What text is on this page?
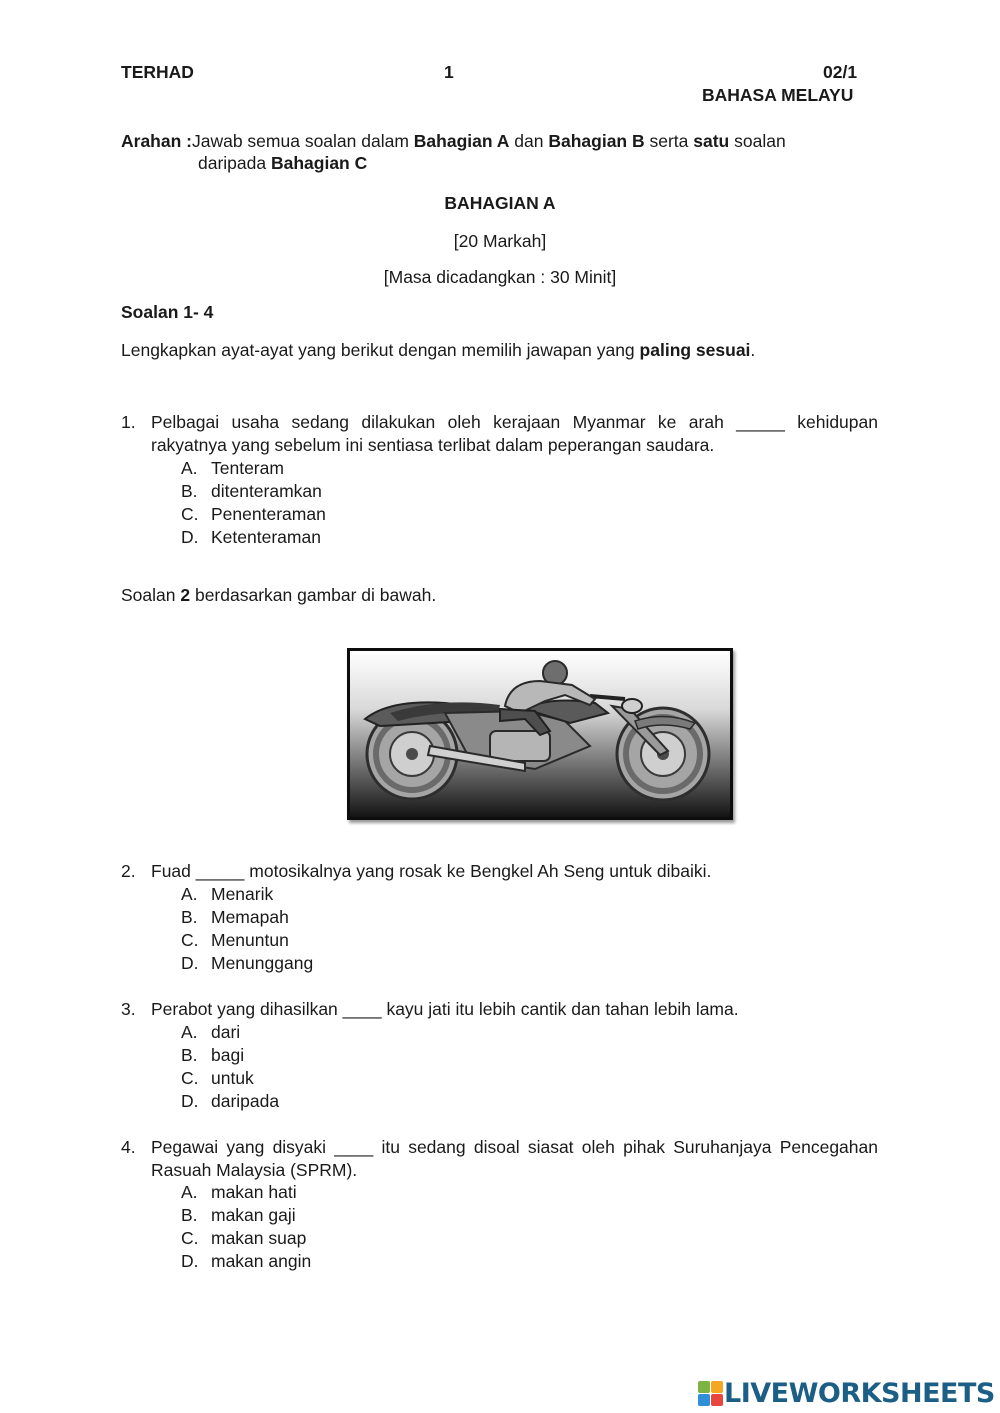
TERHAD	1	02/1
BAHASA MELAYU
Arahan :Jawab semua soalan dalam Bahagian A dan Bahagian B serta satu soalan
daripada Bahagian C
BAHAGIAN A
[20 Markah]
[Masa dicadangkan : 30 Minit]
Soalan 1- 4
Lengkapkan ayat-ayat yang berikut dengan memilih jawapan yang paling sesuai.
1. Pelbagai usaha sedang dilakukan oleh kerajaan Myanmar ke arah _____ kehidupan rakyatnya yang sebelum ini sentiasa terlibat dalam peperangan saudara.
A. Tenteram
B. ditenteramkan
C. Penenteraman
D. Ketenteraman
Soalan 2 berdasarkan gambar di bawah.
2. Fuad _____ motosikalnya yang rosak ke Bengkel Ah Seng untuk dibaiki.
A. Menarik
B. Memapah
C. Menuntun
D. Menunggang
3. Perabot yang dihasilkan ____ kayu jati itu lebih cantik dan tahan lebih lama.
A. dari
B. bagi
C. untuk
D. daripada
4. Pegawai yang disyaki ____ itu sedang disoal siasat oleh pihak Suruhanjaya Pencegahan Rasuah Malaysia (SPRM).
A. makan hati
B. makan gaji
C. makan suap
D. makan angin
LIVEWORKSHEETS
